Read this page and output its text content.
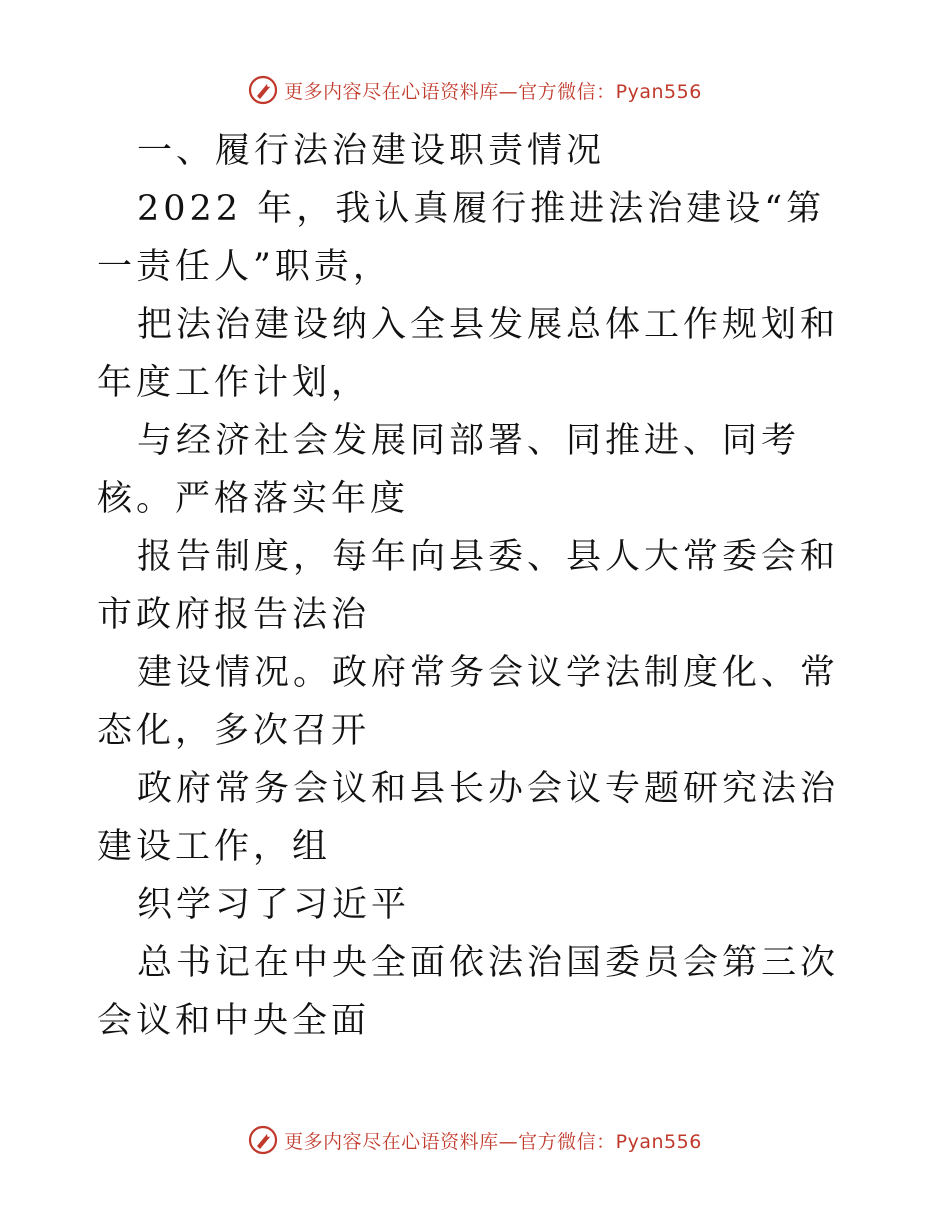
更多内容尽在心语资料库—官方微信：Pyan556

一、履行法治建设职责情况

2022 年，我认真履行推进法治建设“第一责任人”职责，

把法治建设纳入全县发展总体工作规划和年度工作计划，

与经济社会发展同部署、同推进、同考核。严格落实年度

报告制度，每年向县委、县人大常委会和市政府报告法治

建设情况。政府常务会议学法制度化、常态化，多次召开

政府常务会议和县长办会议专题研究法治建设工作，组

织学习了习近平

总书记在中央全面依法治国委员会第三次会议和中央全面

更多内容尽在心语资料库—官方微信：Pyan556
